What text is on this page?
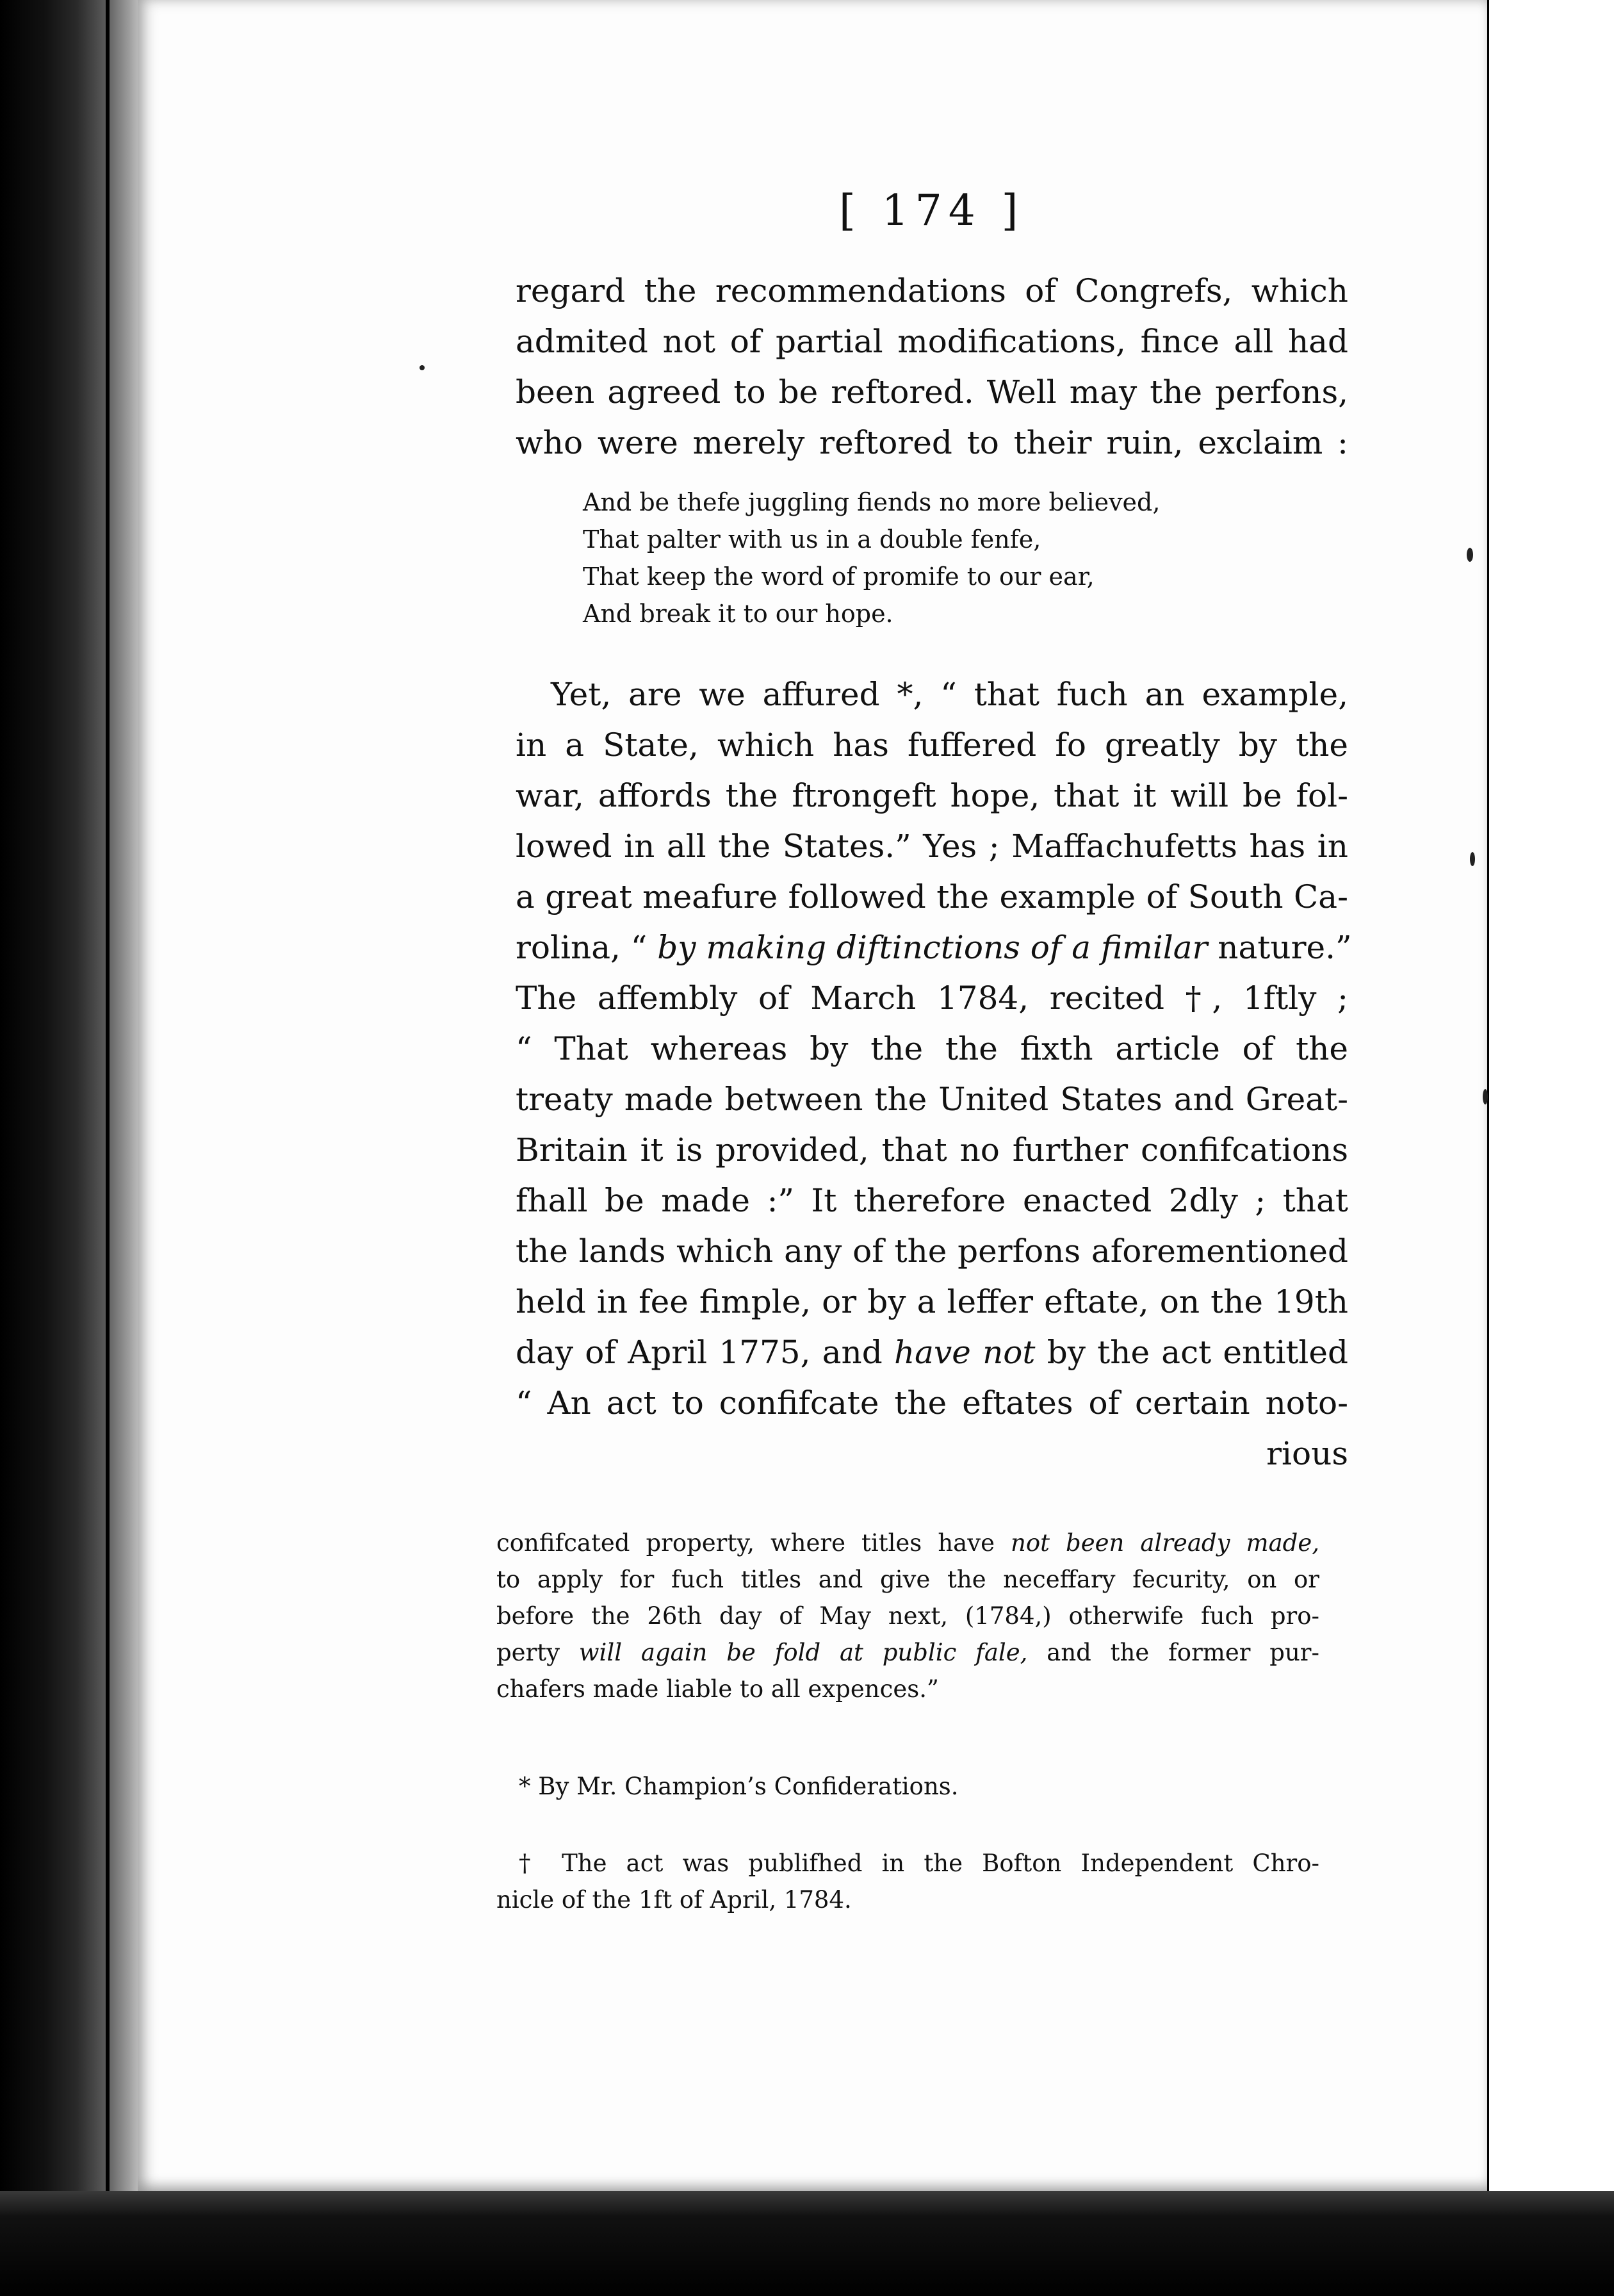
[ 174 ]
regard the recommendations of Congrefs, which
admited not of partial modifications, fince all had
been agreed to be reftored. Well may the perfons,
who were merely reftored to their ruin, exclaim :
And be thefe juggling fiends no more believed,
That palter with us in a double fenfe,
That keep the word of promife to our ear,
And break it to our hope.
Yet, are we affured *, “ that fuch an example,
in a State, which has fuffered fo greatly by the
war, affords the ftrongeft hope, that it will be fol-
lowed in all the States.” Yes ; Maffachufetts has in
a great meafure followed the example of South Ca-
rolina, “ by making diftinctions of a fimilar nature.”
The affembly of March 1784, recited †, 1ftly ;
“ That whereas by the the fixth article of the
treaty made between the United States and Great-
Britain it is provided, that no further confifcations
fhall be made :” It therefore enacted 2dly ; that
the lands which any of the perfons aforementioned
held in fee fimple, or by a leffer eftate, on the 19th
day of April 1775, and have not by the act entitled
“ An act to confifcate the eftates of certain noto-
rious
confifcated property, where titles have not been already made,
to apply for fuch titles and give the neceffary fecurity, on or
before the 26th day of May next, (1784,) otherwife fuch pro-
perty will again be fold at public fale, and the former pur-
chafers made liable to all expences.”
* By Mr. Champion’s Confiderations.
† The act was publifhed in the Bofton Independent Chro-
nicle of the 1ft of April, 1784.
